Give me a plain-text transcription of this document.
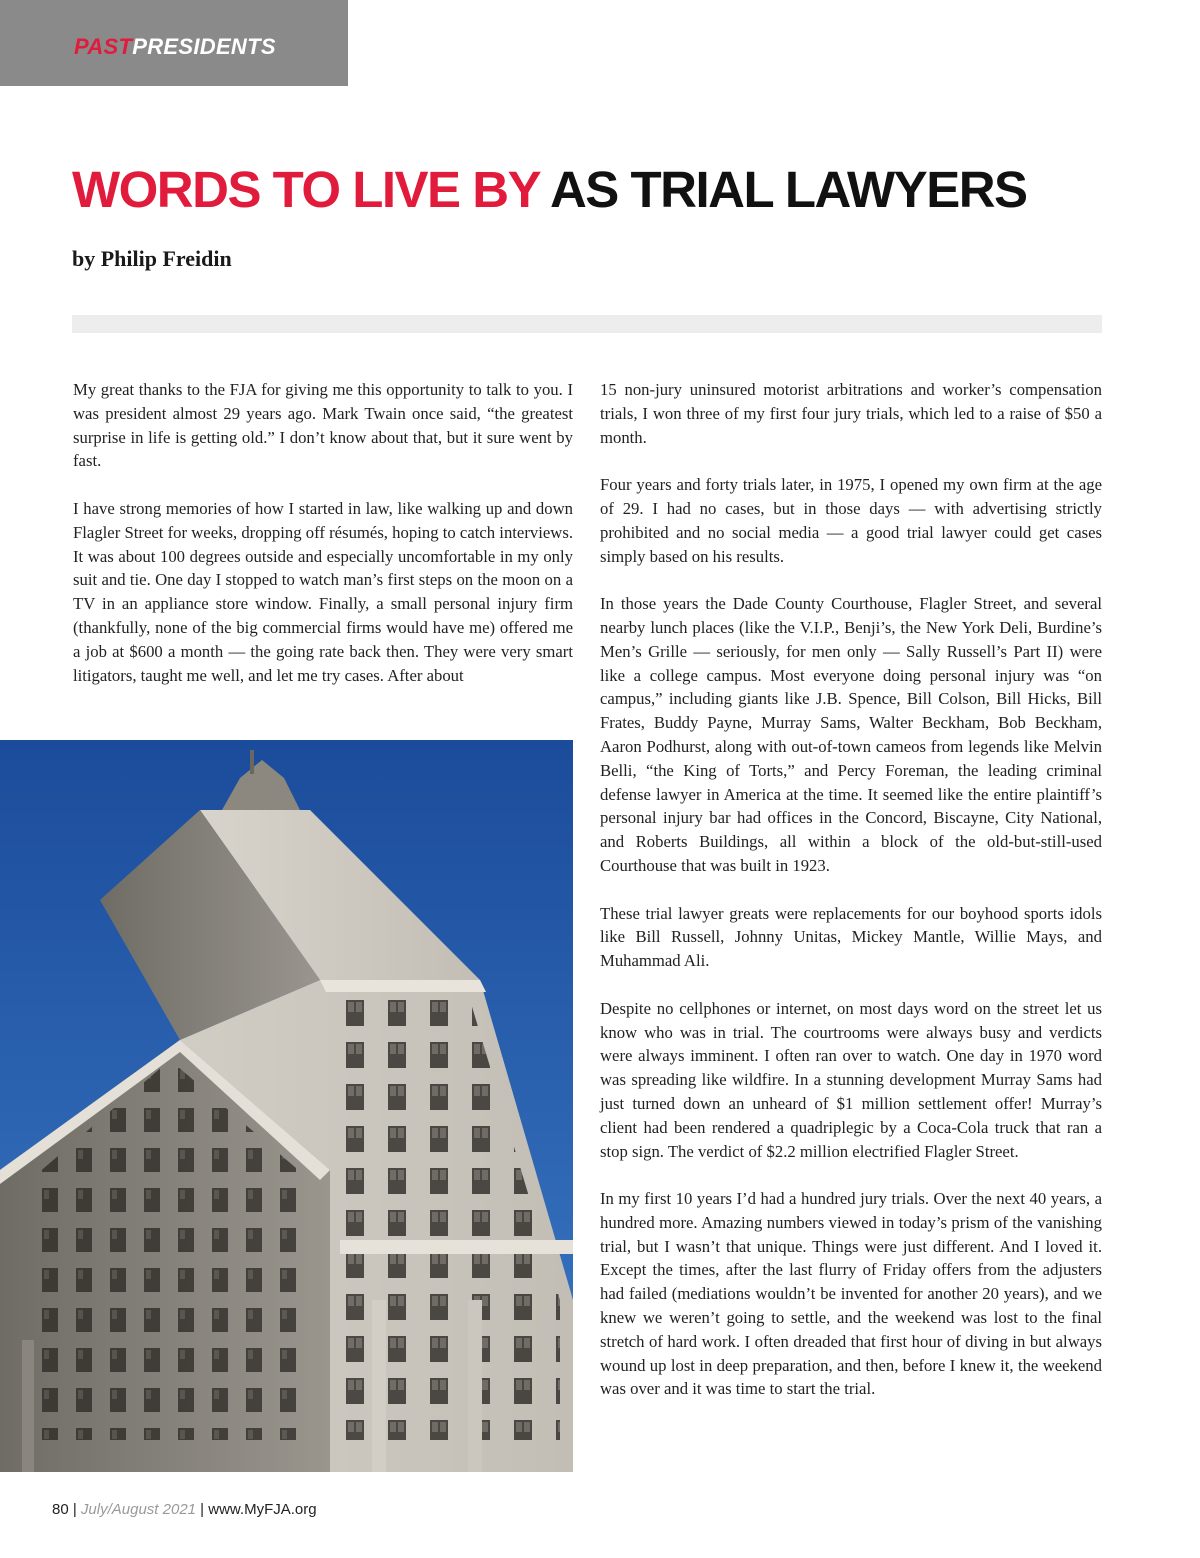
PASTPRESIDENTS
WORDS TO LIVE BY AS TRIAL LAWYERS
by Philip Freidin

My great thanks to the FJA for giving me this opportunity to talk to you. I was president almost 29 years ago. Mark Twain once said, “the greatest surprise in life is getting old.” I don’t know about that, but it sure went by fast.

I have strong memories of how I started in law, like walking up and down Flagler Street for weeks, dropping off résumés, hoping to catch interviews. It was about 100 degrees outside and especially uncomfortable in my only suit and tie. One day I stopped to watch man’s first steps on the moon on a TV in an appliance store window. Finally, a small personal injury firm (thankfully, none of the big commercial firms would have me) offered me a job at $600 a month — the going rate back then. They were very smart litigators, taught me well, and let me try cases. After about

15 non-jury uninsured motorist arbitrations and worker’s compensation trials, I won three of my first four jury trials, which led to a raise of $50 a month.

Four years and forty trials later, in 1975, I opened my own firm at the age of 29. I had no cases, but in those days — with advertising strictly prohibited and no social media — a good trial lawyer could get cases simply based on his results.

In those years the Dade County Courthouse, Flagler Street, and several nearby lunch places (like the V.I.P., Benji’s, the New York Deli, Burdine’s Men’s Grille — seriously, for men only — Sally Russell’s Part II) were like a college campus. Most everyone doing personal injury was “on campus,” including giants like J.B. Spence, Bill Colson, Bill Hicks, Bill Frates, Buddy Payne, Murray Sams, Walter Beckham, Bob Beckham, Aaron Podhurst, along with out-of-town cameos from legends like Melvin Belli, “the King of Torts,” and Percy Foreman, the leading criminal defense lawyer in America at the time. It seemed like the entire plaintiff’s personal injury bar had offices in the Concord, Biscayne, City National, and Roberts Buildings, all within a block of the old-but-still-used Courthouse that was built in 1923.

These trial lawyer greats were replacements for our boyhood sports idols like Bill Russell, Johnny Unitas, Mickey Mantle, Willie Mays, and Muhammad Ali.

Despite no cellphones or internet, on most days word on the street let us know who was in trial. The courtrooms were always busy and verdicts were always imminent. I often ran over to watch. One day in 1970 word was spreading like wildfire. In a stunning development Murray Sams had just turned down an unheard of $1 million settlement offer! Murray’s client had been rendered a quadriplegic by a Coca-Cola truck that ran a stop sign. The verdict of $2.2 million electrified Flagler Street.

In my first 10 years I’d had a hundred jury trials. Over the next 40 years, a hundred more. Amazing numbers viewed in today’s prism of the vanishing trial, but I wasn’t that unique. Things were just different. And I loved it. Except the times, after the last flurry of Friday offers from the adjusters had failed (mediations wouldn’t be invented for another 20 years), and we knew we weren’t going to settle, and the weekend was lost to the final stretch of hard work. I often dreaded that first hour of diving in but always wound up lost in deep preparation, and then, before I knew it, the weekend was over and it was time to start the trial.

80 | July/August 2021 | www.MyFJA.org
